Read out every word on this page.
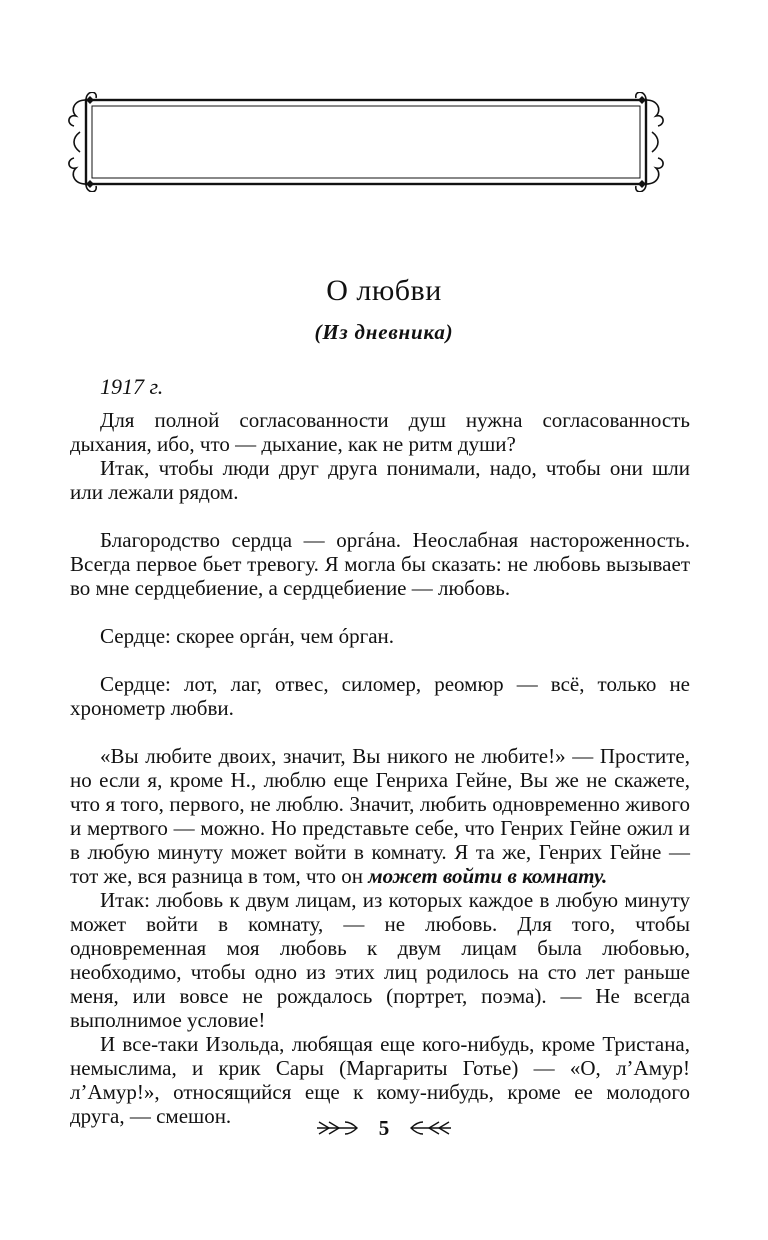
О любви
(Из дневника)
1917 г.

Для полной согласованности душ нужна согласованность дыхания, ибо, что — дыхание, как не ритм души?

Итак, чтобы люди друг друга понимали, надо, чтобы они шли или лежали рядом.

Благородство сердца — оргáна. Неослабная настороженность. Всегда первое бьет тревогу. Я могла бы сказать: не любовь вызывает во мне сердцебиение, а сердцебиение — любовь.

Сердце: скорее оргáн, чем óрган.

Сердце: лот, лаг, отвес, силомер, реомюр — всё, только не хронометр любви.

«Вы любите двоих, значит, Вы никого не любите!» — Простите, но если я, кроме Н., люблю еще Генриха Гейне, Вы же не скажете, что я того, первого, не люблю. Значит, любить одновременно живого и мертвого — можно. Но представьте себе, что Генрих Гейне ожил и в любую минуту может войти в комнату. Я та же, Генрих Гейне — тот же, вся разница в том, что он может войти в комнату.

Итак: любовь к двум лицам, из которых каждое в любую минуту может войти в комнату, — не любовь. Для того, чтобы одновременная моя любовь к двум лицам была любовью, необходимо, чтобы одно из этих лиц родилось на сто лет раньше меня, или вовсе не рождалось (портрет, поэма). — Не всегда выполнимое условие!

И все-таки Изольда, любящая еще кого-нибудь, кроме Тристана, немыслима, и крик Сары (Маргариты Готье) — «О, л’Амур! л’Амур!», относящийся еще к кому-нибудь, кроме ее молодого друга, — смешон.	5
